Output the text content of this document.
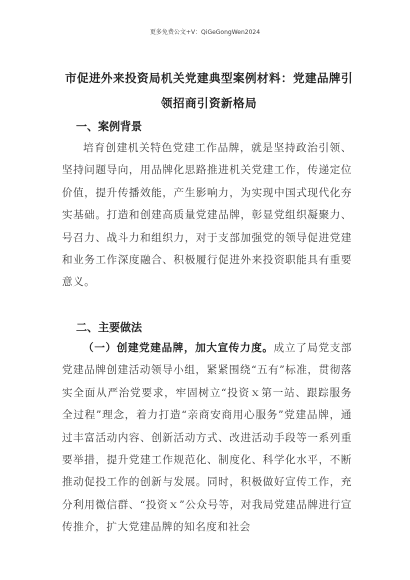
更多免费公文+V：QiGeGongWen2024
市促进外来投资局机关党建典型案例材料：党建品牌引领招商引资新格局
一、案例背景
培育创建机关特色党建工作品牌，就是坚持政治引领、坚持问题导向，用品牌化思路推进机关党建工作，传递定位价值，提升传播效能，产生影响力，为实现中国式现代化夯实基础。打造和创建高质量党建品牌，彰显党组织凝聚力、号召力、战斗力和组织力，对于支部加强党的领导促进党建和业务工作深度融合、积极履行促进外来投资职能具有重要意义。
二、主要做法
（一）创建党建品牌，加大宣传力度。成立了局党支部党建品牌创建活动领导小组，紧紧围绕“五有”标准，贯彻落实全面从严治党要求，牢固树立“投资ｘ第一站、跟踪服务全过程”理念，着力打造“亲商安商用心服务”党建品牌，通过丰富活动内容、创新活动方式、改进活动手段等一系列重要举措，提升党建工作规范化、制度化、科学化水平，不断推动促投工作的创新与发展。同时，积极做好宣传工作，充分利用微信群、“投资ｘ”公众号等，对我局党建品牌进行宣传推介，扩大党建品牌的知名度和社会
